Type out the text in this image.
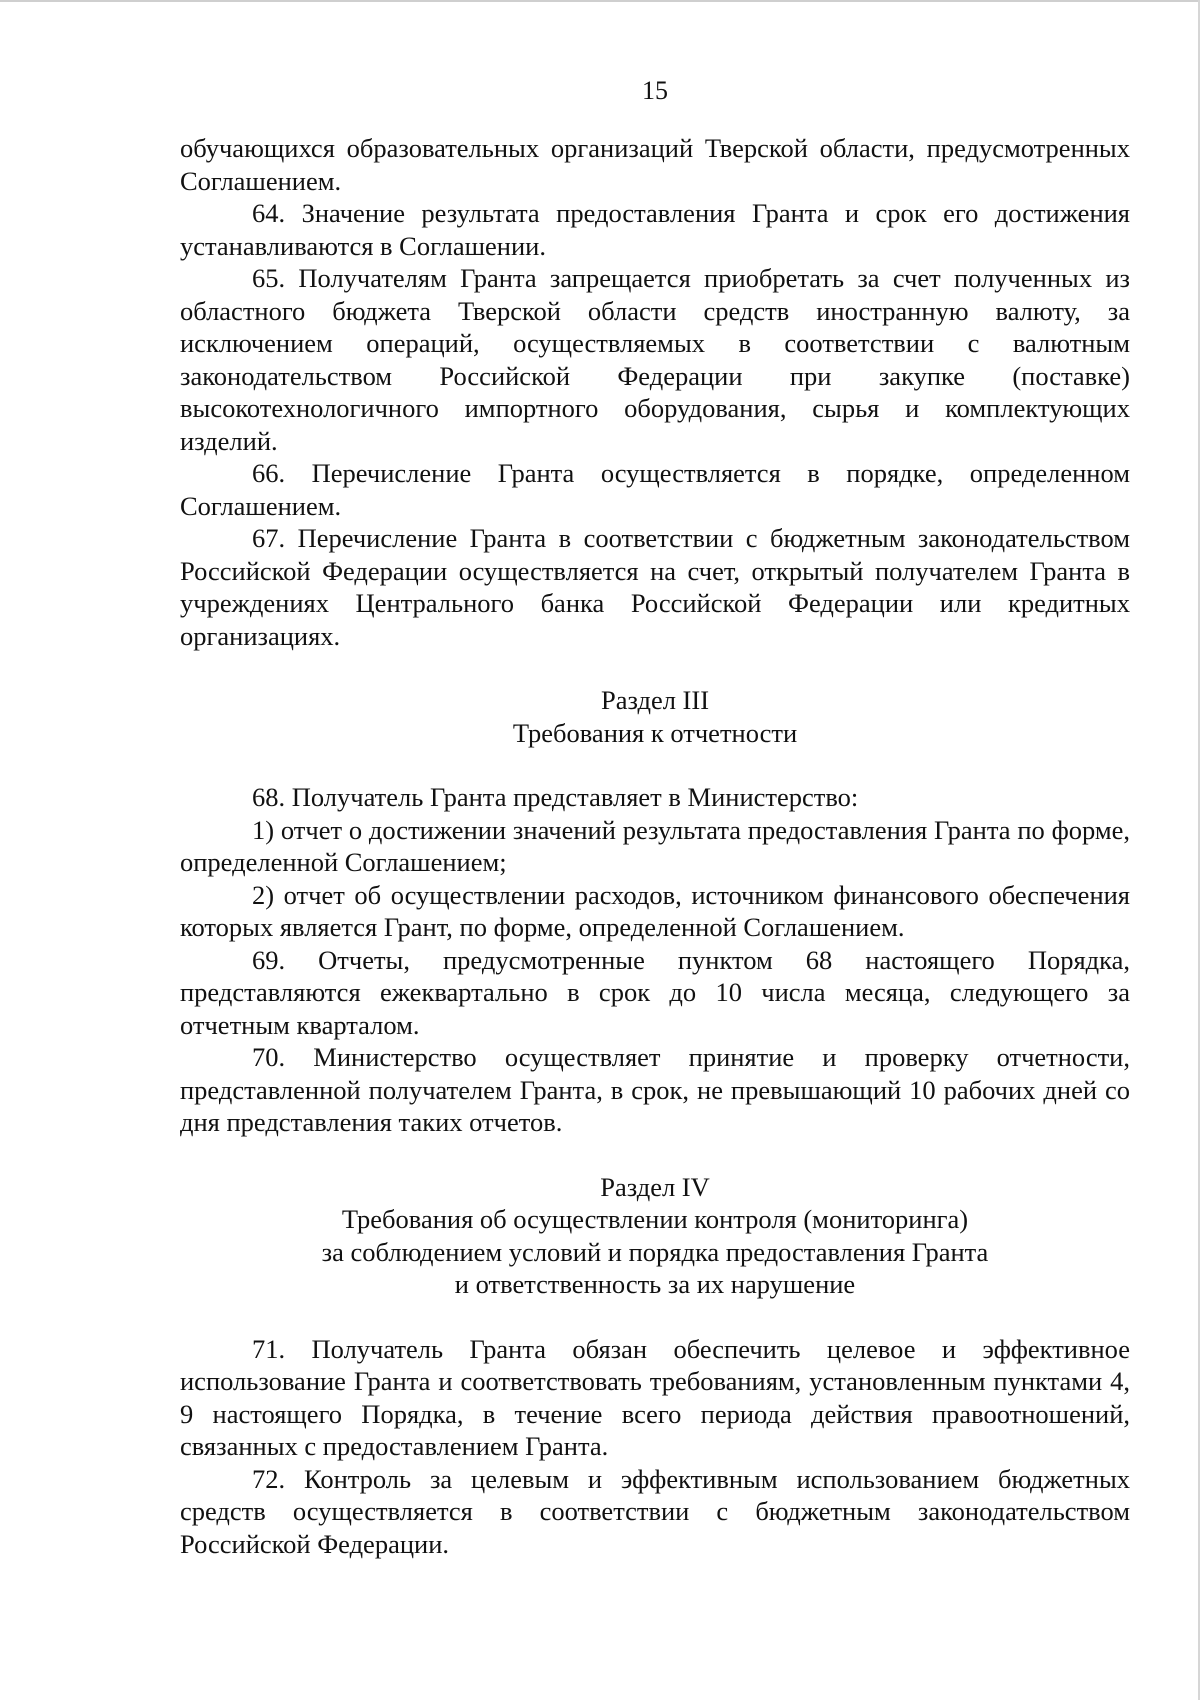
15

обучающихся образовательных организаций Тверской области, предусмотренных Соглашением.

64. Значение результата предоставления Гранта и срок его достижения устанавливаются в Соглашении.

65. Получателям Гранта запрещается приобретать за счет полученных из областного бюджета Тверской области средств иностранную валюту, за исключением операций, осуществляемых в соответствии с валютным законодательством Российской Федерации при закупке (поставке) высокотехнологичного импортного оборудования, сырья и комплектующих изделий.

66. Перечисление Гранта осуществляется в порядке, определенном Соглашением.

67. Перечисление Гранта в соответствии с бюджетным законодательством Российской Федерации осуществляется на счет, открытый получателем Гранта в учреждениях Центрального банка Российской Федерации или кредитных организациях.

Раздел III

Требования к отчетности

68. Получатель Гранта представляет в Министерство:

1) отчет о достижении значений результата предоставления Гранта по форме, определенной Соглашением;

2) отчет об осуществлении расходов, источником финансового обеспечения которых является Грант, по форме, определенной Соглашением.

69. Отчеты, предусмотренные пунктом 68 настоящего Порядка, представляются ежеквартально в срок до 10 числа месяца, следующего за отчетным кварталом.

70. Министерство осуществляет принятие и проверку отчетности, представленной получателем Гранта, в срок, не превышающий 10 рабочих дней со дня представления таких отчетов.

Раздел IV

Требования об осуществлении контроля (мониторинга)

за соблюдением условий и порядка предоставления Гранта

и ответственность за их нарушение

71. Получатель Гранта обязан обеспечить целевое и эффективное использование Гранта и соответствовать требованиям, установленным пунктами 4, 9 настоящего Порядка, в течение всего периода действия правоотношений, связанных с предоставлением Гранта.

72. Контроль за целевым и эффективным использованием бюджетных средств осуществляется в соответствии с бюджетным законодательством Российской Федерации.
